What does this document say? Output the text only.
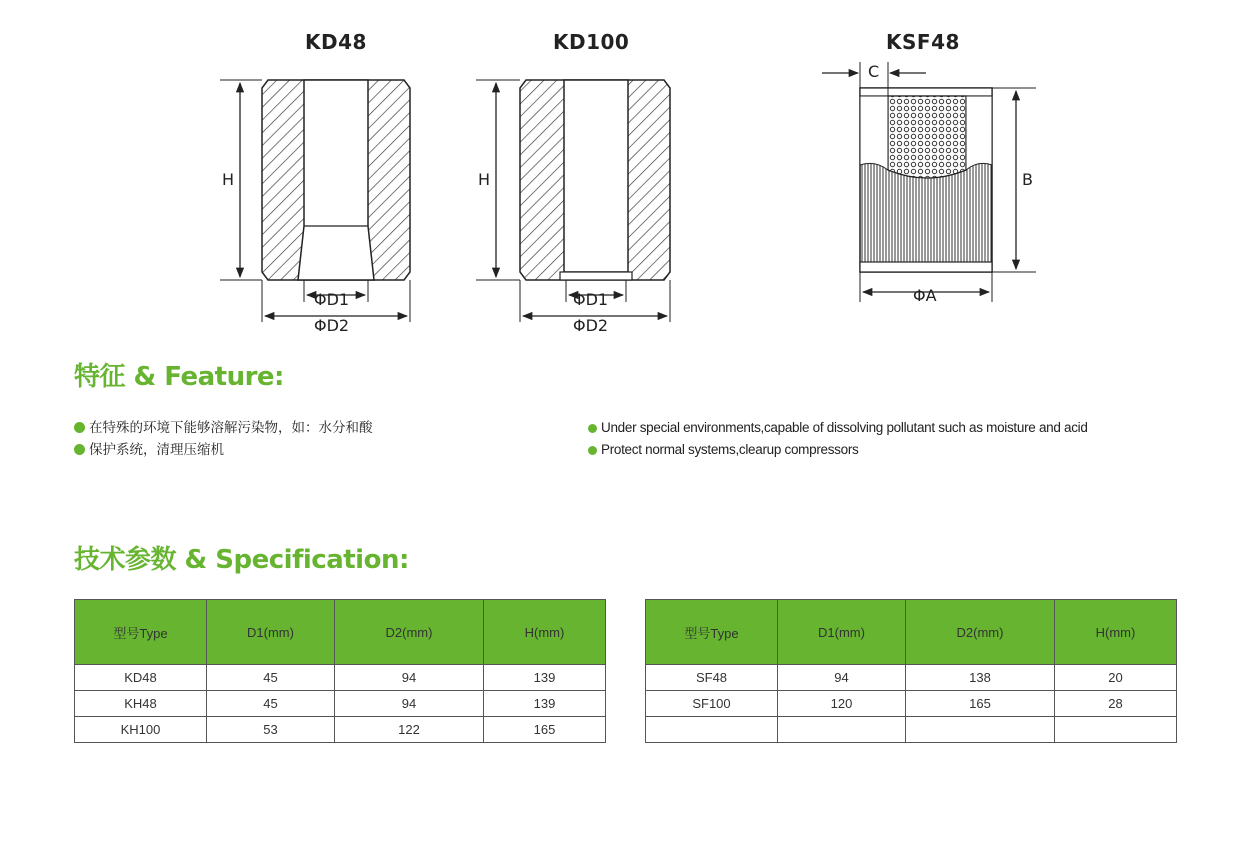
KD48
H
ΦD1
ΦD2
KD100
H
ΦD1
ΦD2
KSF48
C
B
ΦA
特征 & Feature:
在特殊的环境下能够溶解污染物，如：水分和酸
保护系统，清理压缩机
Under special environments,capable of dissolving pollutant such as moisture and acid
Protect normal systems,clearup compressors
技术参数 & Specification:
型号Type	D1(mm)	D2(mm)	H(mm)
KD48	45	94	139
KH48	45	94	139
KH100	53	122	165
型号Type	D1(mm)	D2(mm)	H(mm)
SF48	94	138	20
SF100	120	165	28
